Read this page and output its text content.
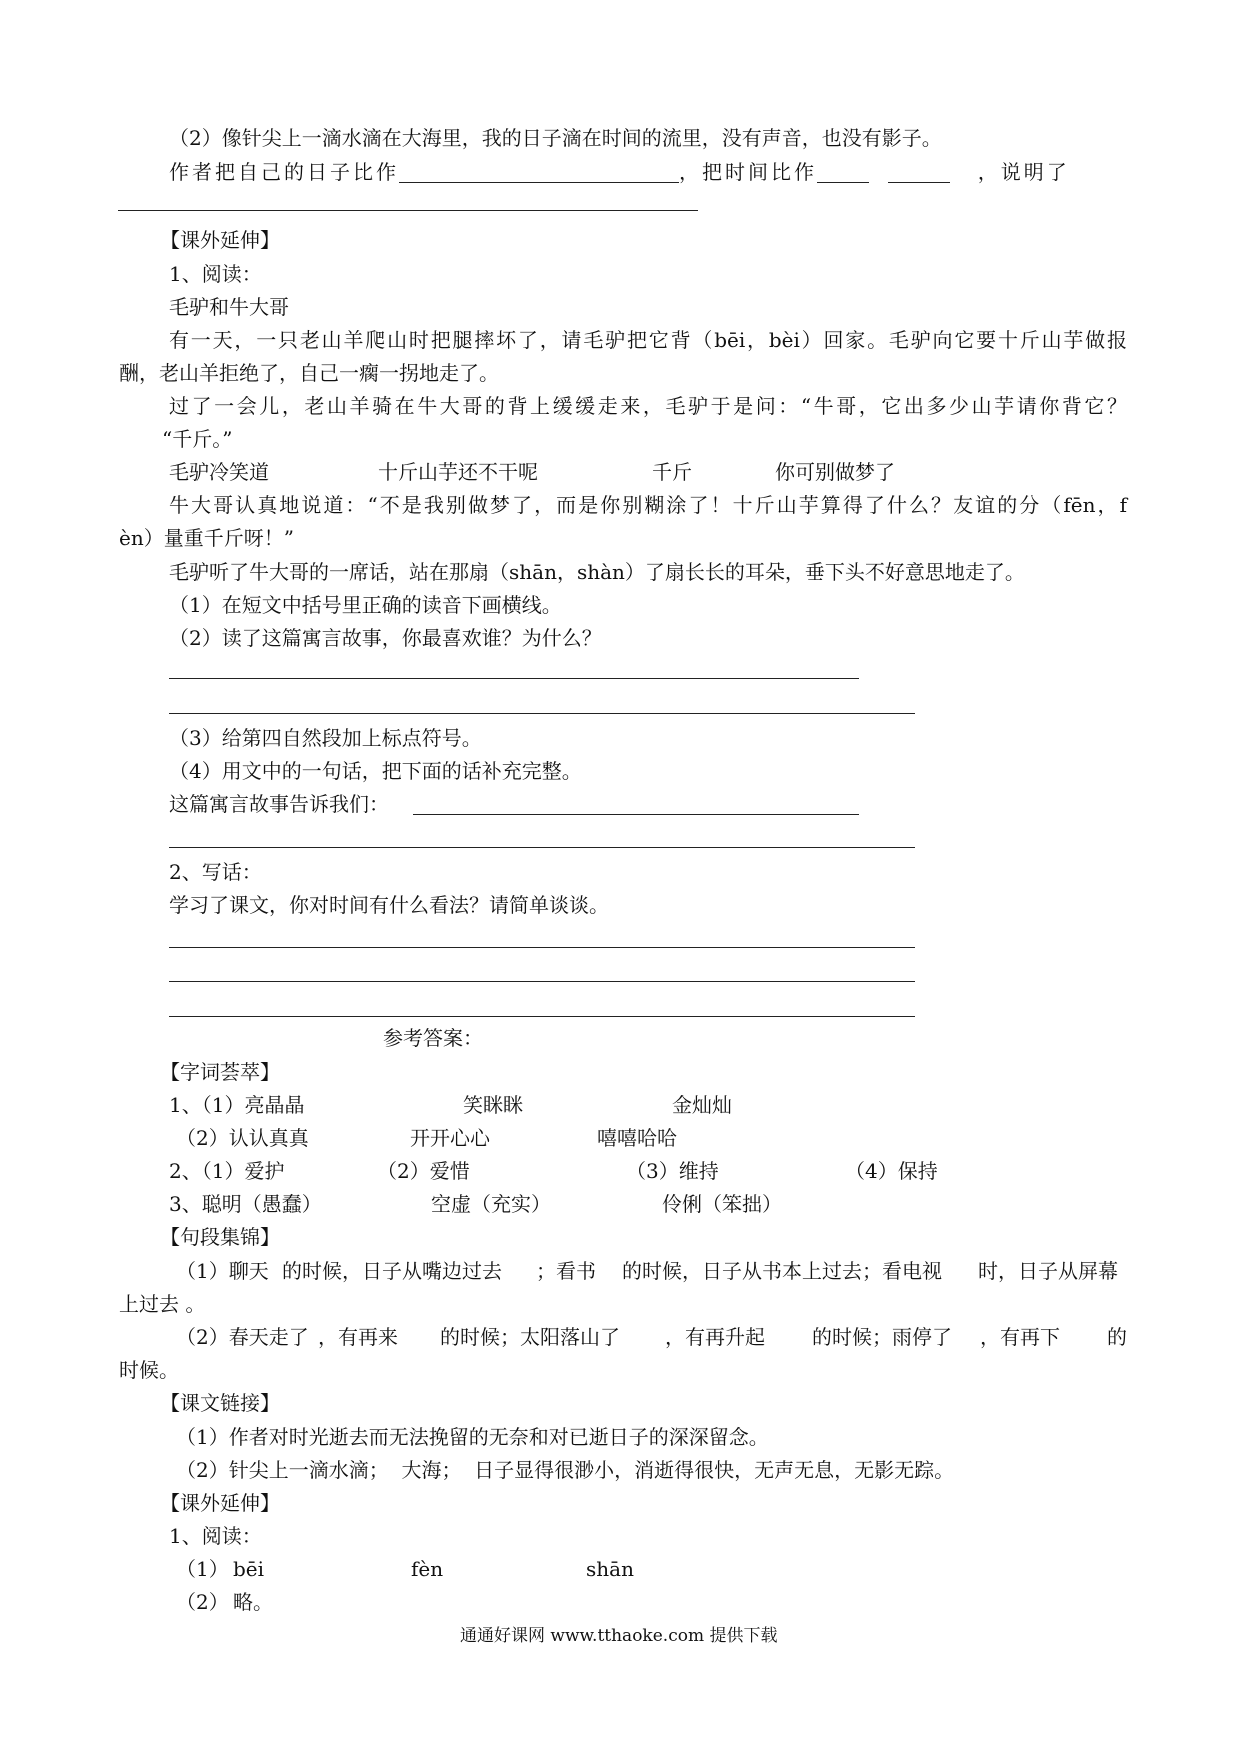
（2）像针尖上一滴水滴在大海里，我的日子滴在时间的流里，没有声音，也没有影子。
作者把自己的日子比作	，把时间比作	，说明了
【课外延伸】
1、阅读：
毛驴和牛大哥
有一天，一只老山羊爬山时把腿摔坏了，请毛驴把它背（bēi，bèi）回家。毛驴向它要十斤山芋做报
酬，老山羊拒绝了，自己一瘸一拐地走了。
过了一会儿，老山羊骑在牛大哥的背上缓缓走来，毛驴于是问：“牛哥，它出多少山芋请你背它？
“千斤。”
毛驴冷笑道	十斤山芋还不干呢	千斤	你可别做梦了
牛大哥认真地说道：“不是我别做梦了，而是你别糊涂了！十斤山芋算得了什么？友谊的分（fēn，f
èn）量重千斤呀！”
毛驴听了牛大哥的一席话，站在那扇（shān，shàn）了扇长长的耳朵，垂下头不好意思地走了。
（1）在短文中括号里正确的读音下画横线。
（2）读了这篇寓言故事，你最喜欢谁？为什么？
（3）给第四自然段加上标点符号。
（4）用文中的一句话，把下面的话补充完整。
这篇寓言故事告诉我们：
2、写话：
学习了课文，你对时间有什么看法？请简单谈谈。
参考答案：
【字词荟萃】
1、（1）亮晶晶	笑眯眯	金灿灿
（2）认认真真	开开心心	嘻嘻哈哈
2、（1）爱护	（2）爱惜	（3）维持	（4）保持
3、聪明（愚蠢）	空虚（充实）	伶俐（笨拙）
【句段集锦】
（1）聊天 的时候，日子从嘴边过去 ；看书 的时候，日子从书本上过去；看电视 时，日子从屏幕
上过去 。
（2）春天走了 ，有再来 的时候；太阳落山了 ，有再升起 的时候；雨停了 ，有再下 的
时候。
【课文链接】
（1）作者对时光逝去而无法挽留的无奈和对已逝日子的深深留念。
（2）针尖上一滴水滴；  大海；  日子显得很渺小，消逝得很快，无声无息，无影无踪。
【课外延伸】
1、阅读：
（1） bēi	fèn	shān
（2） 略。
通通好课网 www.tthaoke.com 提供下载
